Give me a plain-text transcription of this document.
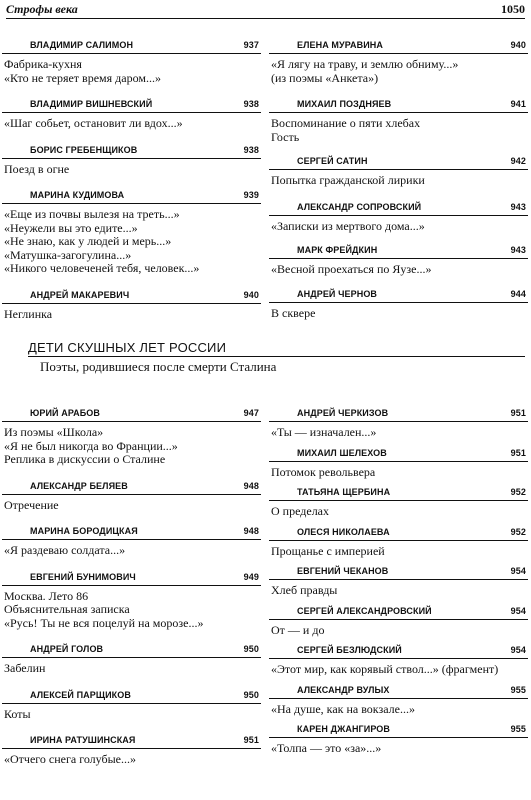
Строфы века	1050
ВЛАДИМИР САЛИМОН	937
Фабрика-кухня
«Кто не теряет время даром...»
ВЛАДИМИР ВИШНЕВСКИЙ	938
«Шаг собьет, остановит ли вдох...»
БОРИС ГРЕБЕНЩИКОВ	938
Поезд в огне
МАРИНА КУДИМОВА	939
«Еще из почвы вылезя на треть...»
«Неужели вы это едите...»
«Не знаю, как у людей и мерь...»
«Матушка-загогулина...»
«Никого человеченей тебя, человек...»
АНДРЕЙ МАКАРЕВИЧ	940
Неглинка
ЕЛЕНА МУРАВИНА	940
«Я лягу на траву, и землю обниму...»
(из поэмы «Анкета»)
МИХАИЛ ПОЗДНЯЕВ	941
Воспоминание о пяти хлебах
Гость
СЕРГЕЙ САТИН	942
Попытка гражданской лирики
АЛЕКСАНДР СОПРОВСКИЙ	943
«Записки из мертвого дома...»
МАРК ФРЕЙДКИН	943
«Весной проехаться по Яузе...»
АНДРЕЙ ЧЕРНОВ	944
В сквере
ДЕТИ СКУШНЫХ ЛЕТ РОССИИ
Поэты, родившиеся после смерти Сталина
ЮРИЙ АРАБОВ	947
Из поэмы «Школа»
«Я не был никогда во Франции...»
Реплика в дискуссии о Сталине
АЛЕКСАНДР БЕЛЯЕВ	948
Отречение
МАРИНА БОРОДИЦКАЯ	948
«Я раздеваю солдата...»
ЕВГЕНИЙ БУНИМОВИЧ	949
Москва. Лето 86
Объяснительная записка
«Русь! Ты не вся поцелуй на морозе...»
АНДРЕЙ ГОЛОВ	950
Забелин
АЛЕКСЕЙ ПАРЩИКОВ	950
Коты
ИРИНА РАТУШИНСКАЯ	951
«Отчего снега голубые...»
АНДРЕЙ ЧЕРКИЗОВ	951
«Ты — изначален...»
МИХАИЛ ШЕЛЕХОВ	951
Потомок револьвера
ТАТЬЯНА ЩЕРБИНА	952
О пределах
ОЛЕСЯ НИКОЛАЕВА	952
Прощанье с империей
ЕВГЕНИЙ ЧЕКАНОВ	954
Хлеб правды
СЕРГЕЙ АЛЕКСАНДРОВСКИЙ	954
От — и до
СЕРГЕЙ БЕЗЛЮДСКИЙ	954
«Этот мир, как корявый ствол...» (фрагмент)
АЛЕКСАНДР ВУЛЫХ	955
«На душе, как на вокзале...»
КАРЕН ДЖАНГИРОВ	955
«Толпа — это «за»...»
